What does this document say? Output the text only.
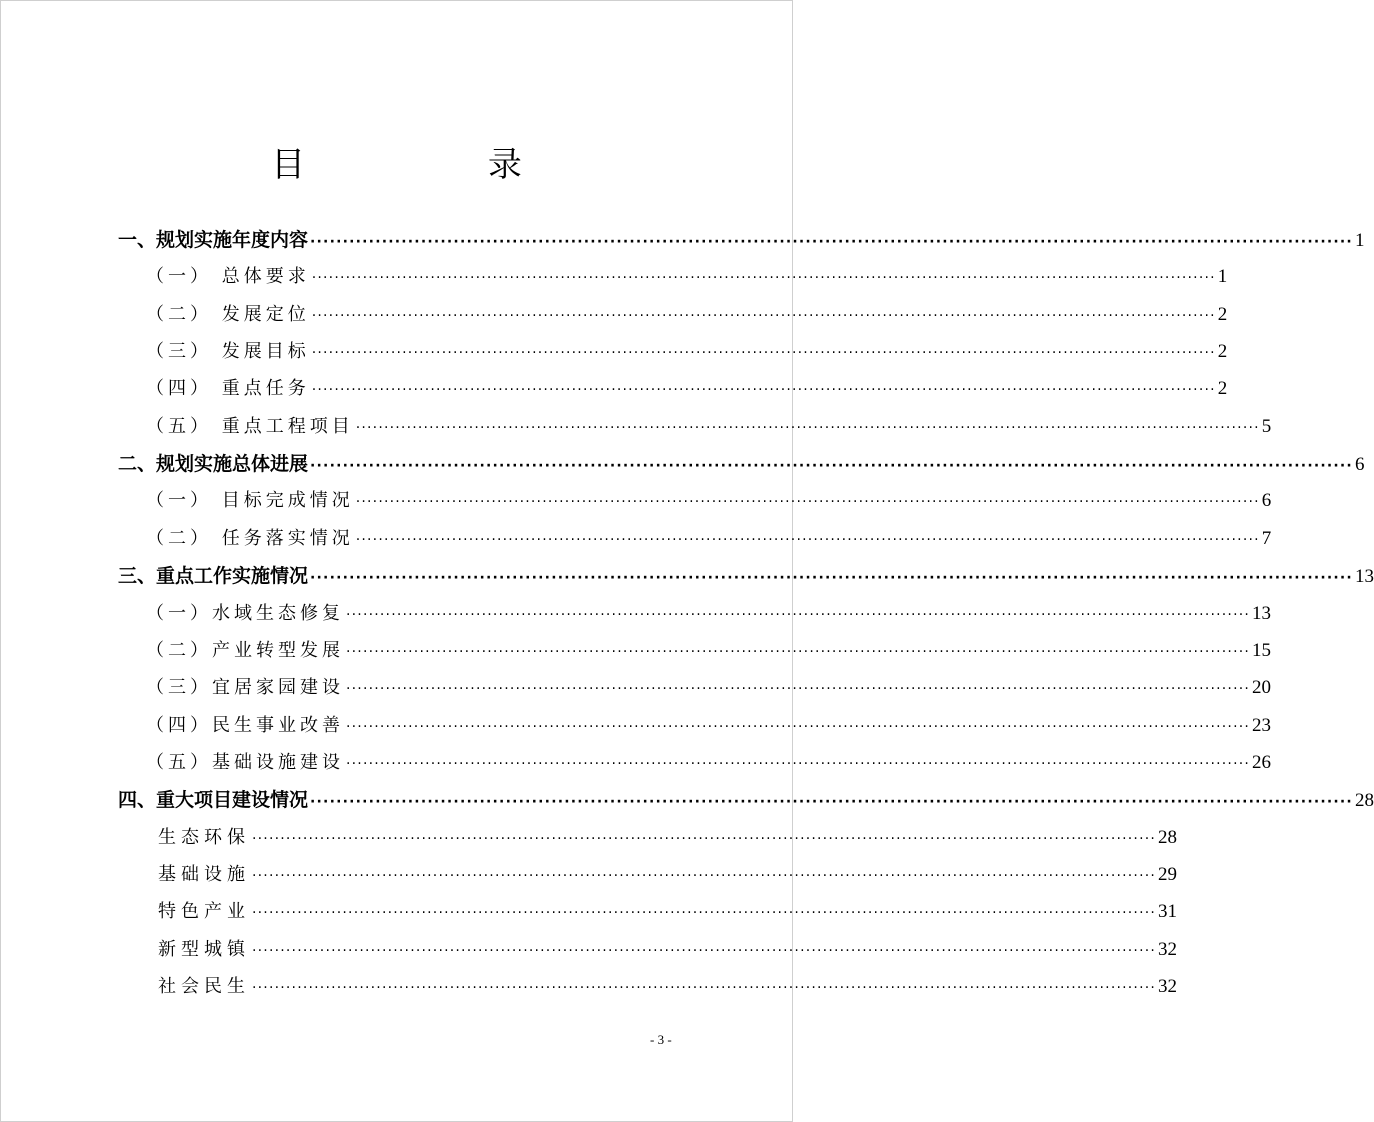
目 录
一、规划实施年度内容 ································································································································································ 1
（一） 总体要求 ································································································································································ 1
（二） 发展定位 ································································································································································ 2
（三） 发展目标 ································································································································································ 2
（四） 重点任务 ································································································································································ 2
（五） 重点工程项目 ································································································································································ 5
二、规划实施总体进展 ································································································································································ 6
（一） 目标完成情况 ································································································································································ 6
（二） 任务落实情况 ································································································································································ 7
三、重点工作实施情况 ································································································································································ 13
（一）水域生态修复 ································································································································································ 13
（二）产业转型发展 ································································································································································ 15
（三）宜居家园建设 ································································································································································ 20
（四）民生事业改善 ································································································································································ 23
（五）基础设施建设 ································································································································································ 26
四、重大项目建设情况 ································································································································································ 28
生态环保 ································································································································································ 28
基础设施 ································································································································································ 29
特色产业 ································································································································································ 31
新型城镇 ································································································································································ 32
社会民生 ································································································································································ 32
- 3 -
